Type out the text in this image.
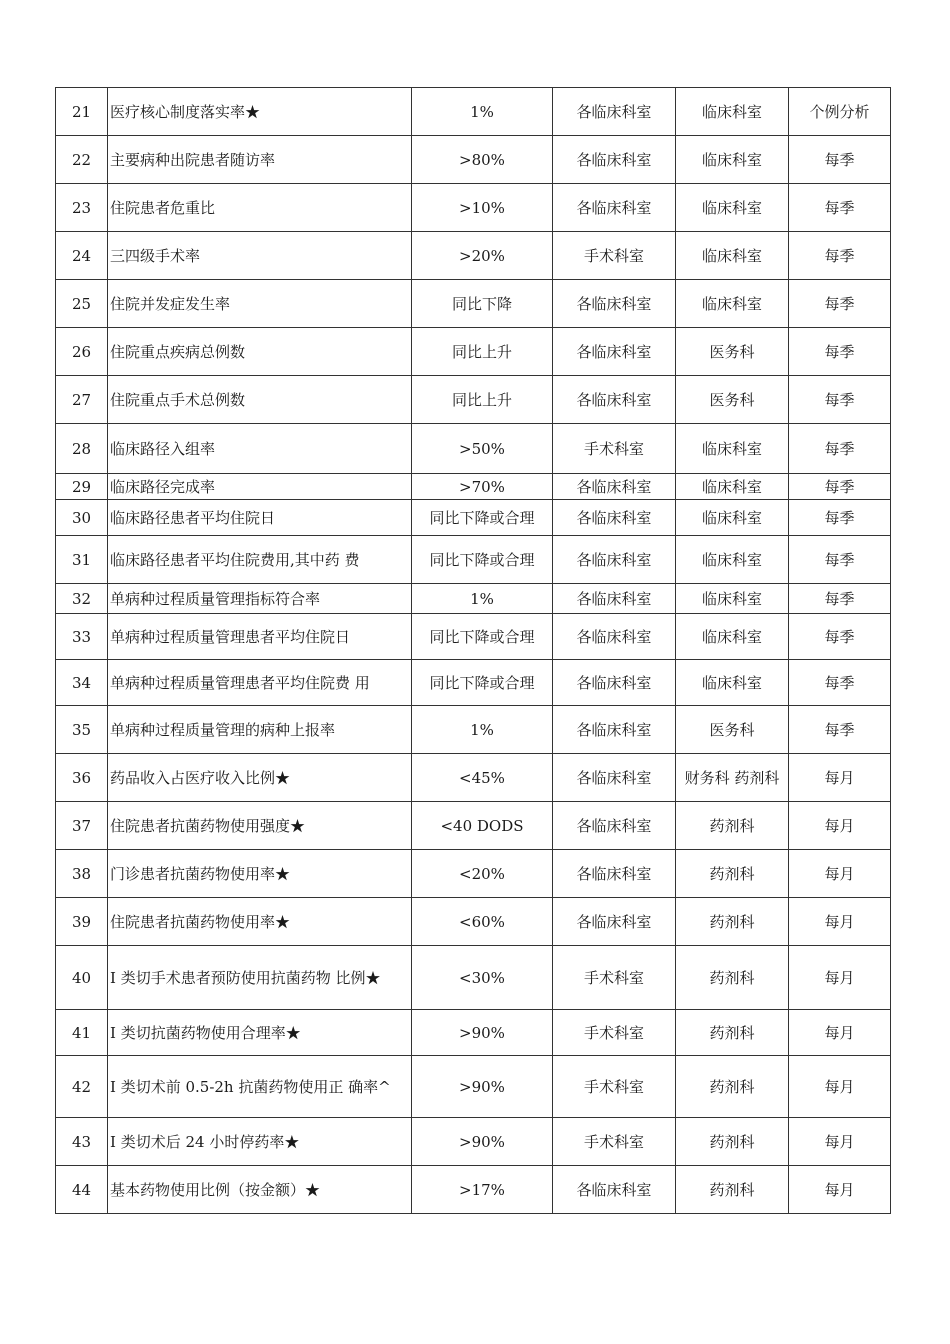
21	医疗核心制度落实率★	1%	各临床科室	临床科室	个例分析
22	主要病种出院患者随访率	>80%	各临床科室	临床科室	每季
23	住院患者危重比	>10%	各临床科室	临床科室	每季
24	三四级手术率	>20%	手术科室	临床科室	每季
25	住院并发症发生率	同比下降	各临床科室	临床科室	每季
26	住院重点疾病总例数	同比上升	各临床科室	医务科	每季
27	住院重点手术总例数	同比上升	各临床科室	医务科	每季
28	临床路径入组率	>50%	手术科室	临床科室	每季
29	临床路径完成率	>70%	各临床科室	临床科室	每季
30	临床路径患者平均住院日	同比下降或合理	各临床科室	临床科室	每季
31	临床路径患者平均住院费用,其中药 费	同比下降或合理	各临床科室	临床科室	每季
32	单病种过程质量管理指标符合率	1%	各临床科室	临床科室	每季
33	单病种过程质量管理患者平均住院日	同比下降或合理	各临床科室	临床科室	每季
34	单病种过程质量管理患者平均住院费 用	同比下降或合理	各临床科室	临床科室	每季
35	单病种过程质量管理的病种上报率	1%	各临床科室	医务科	每季
36	药品收入占医疗收入比例★	<45%	各临床科室	财务科 药剂科	每月
37	住院患者抗菌药物使用强度★	<40 DODS	各临床科室	药剂科	每月
38	门诊患者抗菌药物使用率★	<20%	各临床科室	药剂科	每月
39	住院患者抗菌药物使用率★	<60%	各临床科室	药剂科	每月
40	I 类切手术患者预防使用抗菌药物 比例★	<30%	手术科室	药剂科	每月
41	I 类切抗菌药物使用合理率★	>90%	手术科室	药剂科	每月
42	I 类切术前 0.5-2h 抗菌药物使用正 确率^	>90%	手术科室	药剂科	每月
43	I 类切术后 24 小时停药率★	>90%	手术科室	药剂科	每月
44	基本药物使用比例（按金额）★	>17%	各临床科室	药剂科	每月
